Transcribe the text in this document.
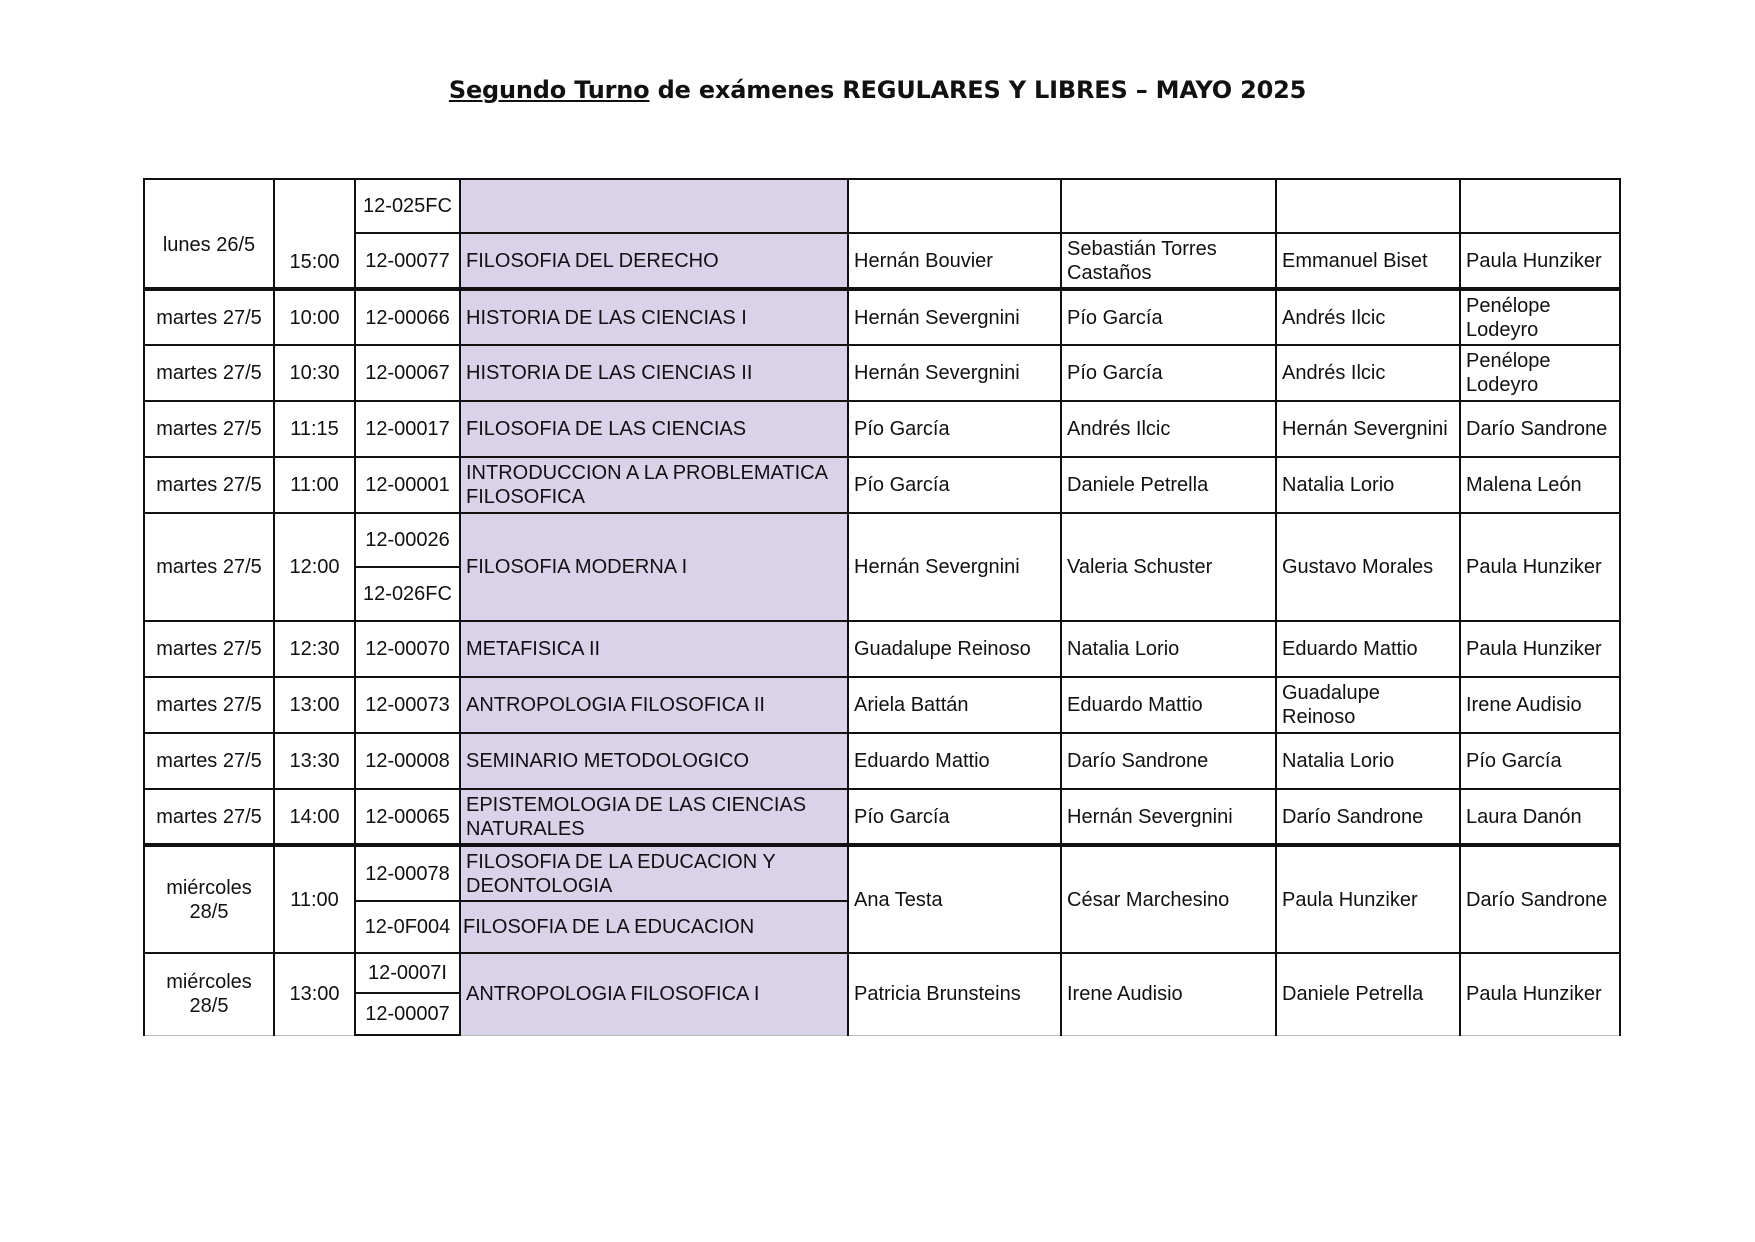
Segundo Turno de exámenes REGULARES Y LIBRES – MAYO 2025
lunes 26/5	15:00	12-025FC					
		12-00077	FILOSOFIA DEL DERECHO	Hernán Bouvier	Sebastián Torres Castaños	Emmanuel Biset	Paula Hunziker
martes 27/5	10:00	12-00066	HISTORIA DE LAS CIENCIAS I	Hernán Severgnini	Pío García	Andrés Ilcic	Penélope Lodeyro
martes 27/5	10:30	12-00067	HISTORIA DE LAS CIENCIAS II	Hernán Severgnini	Pío García	Andrés Ilcic	Penélope Lodeyro
martes 27/5	11:15	12-00017	FILOSOFIA DE LAS CIENCIAS	Pío García	Andrés Ilcic	Hernán Severgnini	Darío Sandrone
martes 27/5	11:00	12-00001	INTRODUCCION A LA PROBLEMATICA FILOSOFICA	Pío García	Daniele Petrella	Natalia Lorio	Malena León
martes 27/5	12:00	12-00026	FILOSOFIA MODERNA I	Hernán Severgnini	Valeria Schuster	Gustavo Morales	Paula Hunziker
		12-026FC					
martes 27/5	12:30	12-00070	METAFISICA II	Guadalupe Reinoso	Natalia Lorio	Eduardo Mattio	Paula Hunziker
martes 27/5	13:00	12-00073	ANTROPOLOGIA FILOSOFICA II	Ariela Battán	Eduardo Mattio	Guadalupe Reinoso	Irene Audisio
martes 27/5	13:30	12-00008	SEMINARIO METODOLOGICO	Eduardo Mattio	Darío Sandrone	Natalia Lorio	Pío García
martes 27/5	14:00	12-00065	EPISTEMOLOGIA DE LAS CIENCIAS NATURALES	Pío García	Hernán Severgnini	Darío Sandrone	Laura Danón
miércoles 28/5	11:00	12-00078	FILOSOFIA DE LA EDUCACION Y DEONTOLOGIA	Ana Testa	César Marchesino	Paula Hunziker	Darío Sandrone
		12-0F004	FILOSOFIA DE LA EDUCACION				
miércoles 28/5	13:00	12-0007I	ANTROPOLOGIA FILOSOFICA I	Patricia Brunsteins	Irene Audisio	Daniele Petrella	Paula Hunziker
		12-00007					
